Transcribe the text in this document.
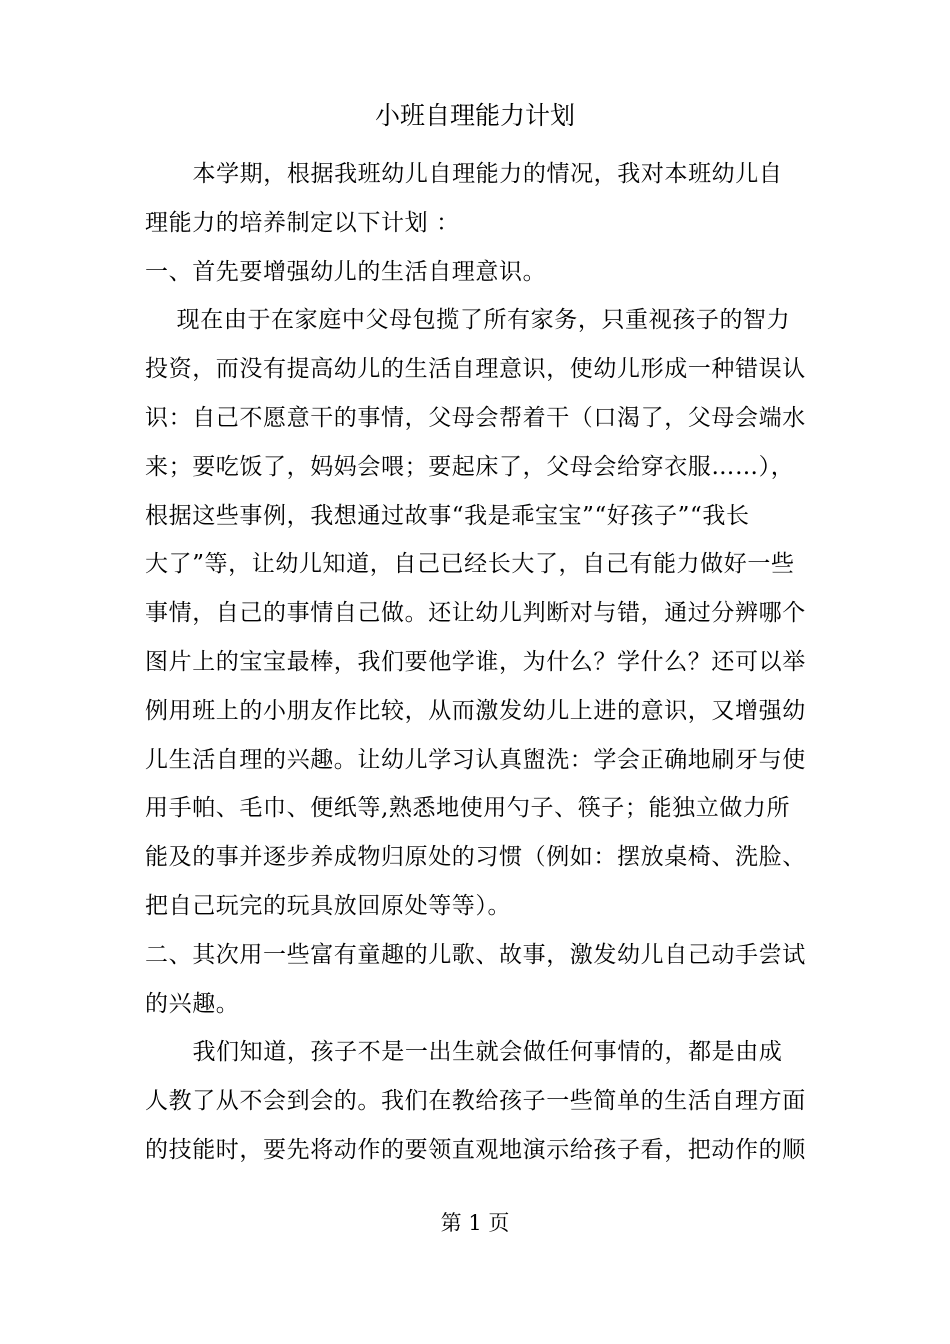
小班自理能力计划
本学期，根据我班幼儿自理能力的情况，我对本班幼儿自
理能力的培养制定以下计划 ：
一、首先要增强幼儿的生活自理意识。
现在由于在家庭中父母包揽了所有家务，只重视孩子的智力
投资，而没有提高幼儿的生活自理意识，使幼儿形成一种错误认
识：自己不愿意干的事情，父母会帮着干（口渴了，父母会端水
来；要吃饭了，妈妈会喂；要起床了，父母会给穿衣服……），
根据这些事例，我想通过故事“我是乖宝宝”“好孩子”“我长
大了”等，让幼儿知道，自己已经长大了，自己有能力做好一些
事情，自己的事情自己做。还让幼儿判断对与错，通过分辨哪个
图片上的宝宝最棒，我们要他学谁，为什么？学什么？还可以举
例用班上的小朋友作比较，从而激发幼儿上进的意识，又增强幼
儿生活自理的兴趣。让幼儿学习认真盥洗：学会正确地刷牙与使
用手帕、毛巾、便纸等,熟悉地使用勺子、筷子；能独立做力所
能及的事并逐步养成物归原处的习惯（例如：摆放桌椅、洗脸、
把自己玩完的玩具放回原处等等）。
二、其次用一些富有童趣的儿歌、故事，激发幼儿自己动手尝试
的兴趣。
我们知道，孩子不是一出生就会做任何事情的，都是由成
人教了从不会到会的。我们在教给孩子一些简单的生活自理方面
的技能时，要先将动作的要领直观地演示给孩子看，把动作的顺
第 1 页
